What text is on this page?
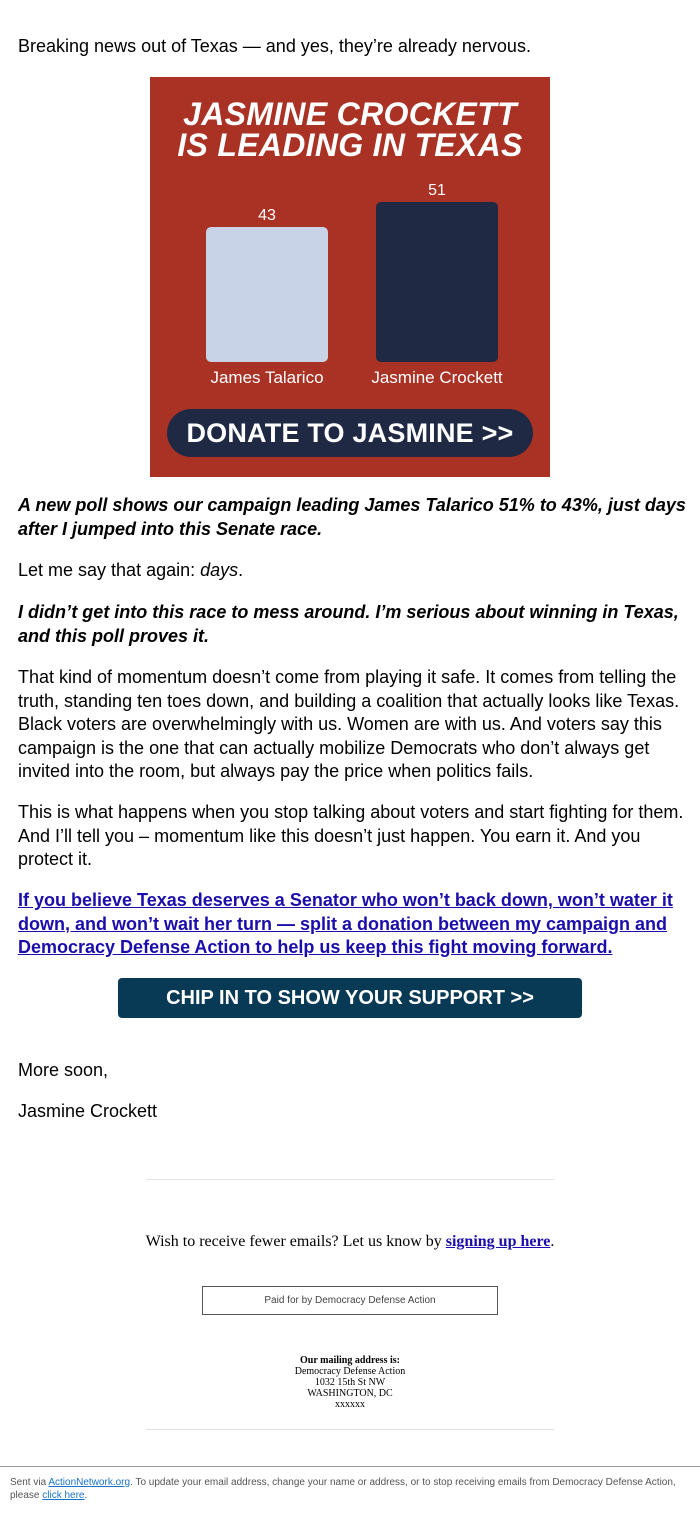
Breaking news out of Texas — and yes, they’re already nervous.

JASMINE CROCKETT
IS LEADING IN TEXAS
43
James Talarico
51
Jasmine Crockett
DONATE TO JASMINE >>

A new poll shows our campaign leading James Talarico 51% to 43%, just days after I jumped into this Senate race.

Let me say that again: days.

I didn’t get into this race to mess around. I’m serious about winning in Texas, and this poll proves it.

That kind of momentum doesn’t come from playing it safe. It comes from telling the truth, standing ten toes down, and building a coalition that actually looks like Texas. Black voters are overwhelmingly with us. Women are with us. And voters say this campaign is the one that can actually mobilize Democrats who don’t always get invited into the room, but always pay the price when politics fails.

This is what happens when you stop talking about voters and start fighting for them. And I’ll tell you – momentum like this doesn’t just happen. You earn it. And you protect it.

If you believe Texas deserves a Senator who won’t back down, won’t water it down, and won’t wait her turn — split a donation between my campaign and Democracy Defense Action to help us keep this fight moving forward.

CHIP IN TO SHOW YOUR SUPPORT >>

More soon,

Jasmine Crockett

Wish to receive fewer emails? Let us know by signing up here.
Paid for by Democracy Defense Action
Our mailing address is:
Democracy Defense Action
1032 15th St NW
WASHINGTON, DC
xxxxxx
Sent via ActionNetwork.org. To update your email address, change your name or address, or to stop receiving emails from Democracy Defense Action, please click here.
